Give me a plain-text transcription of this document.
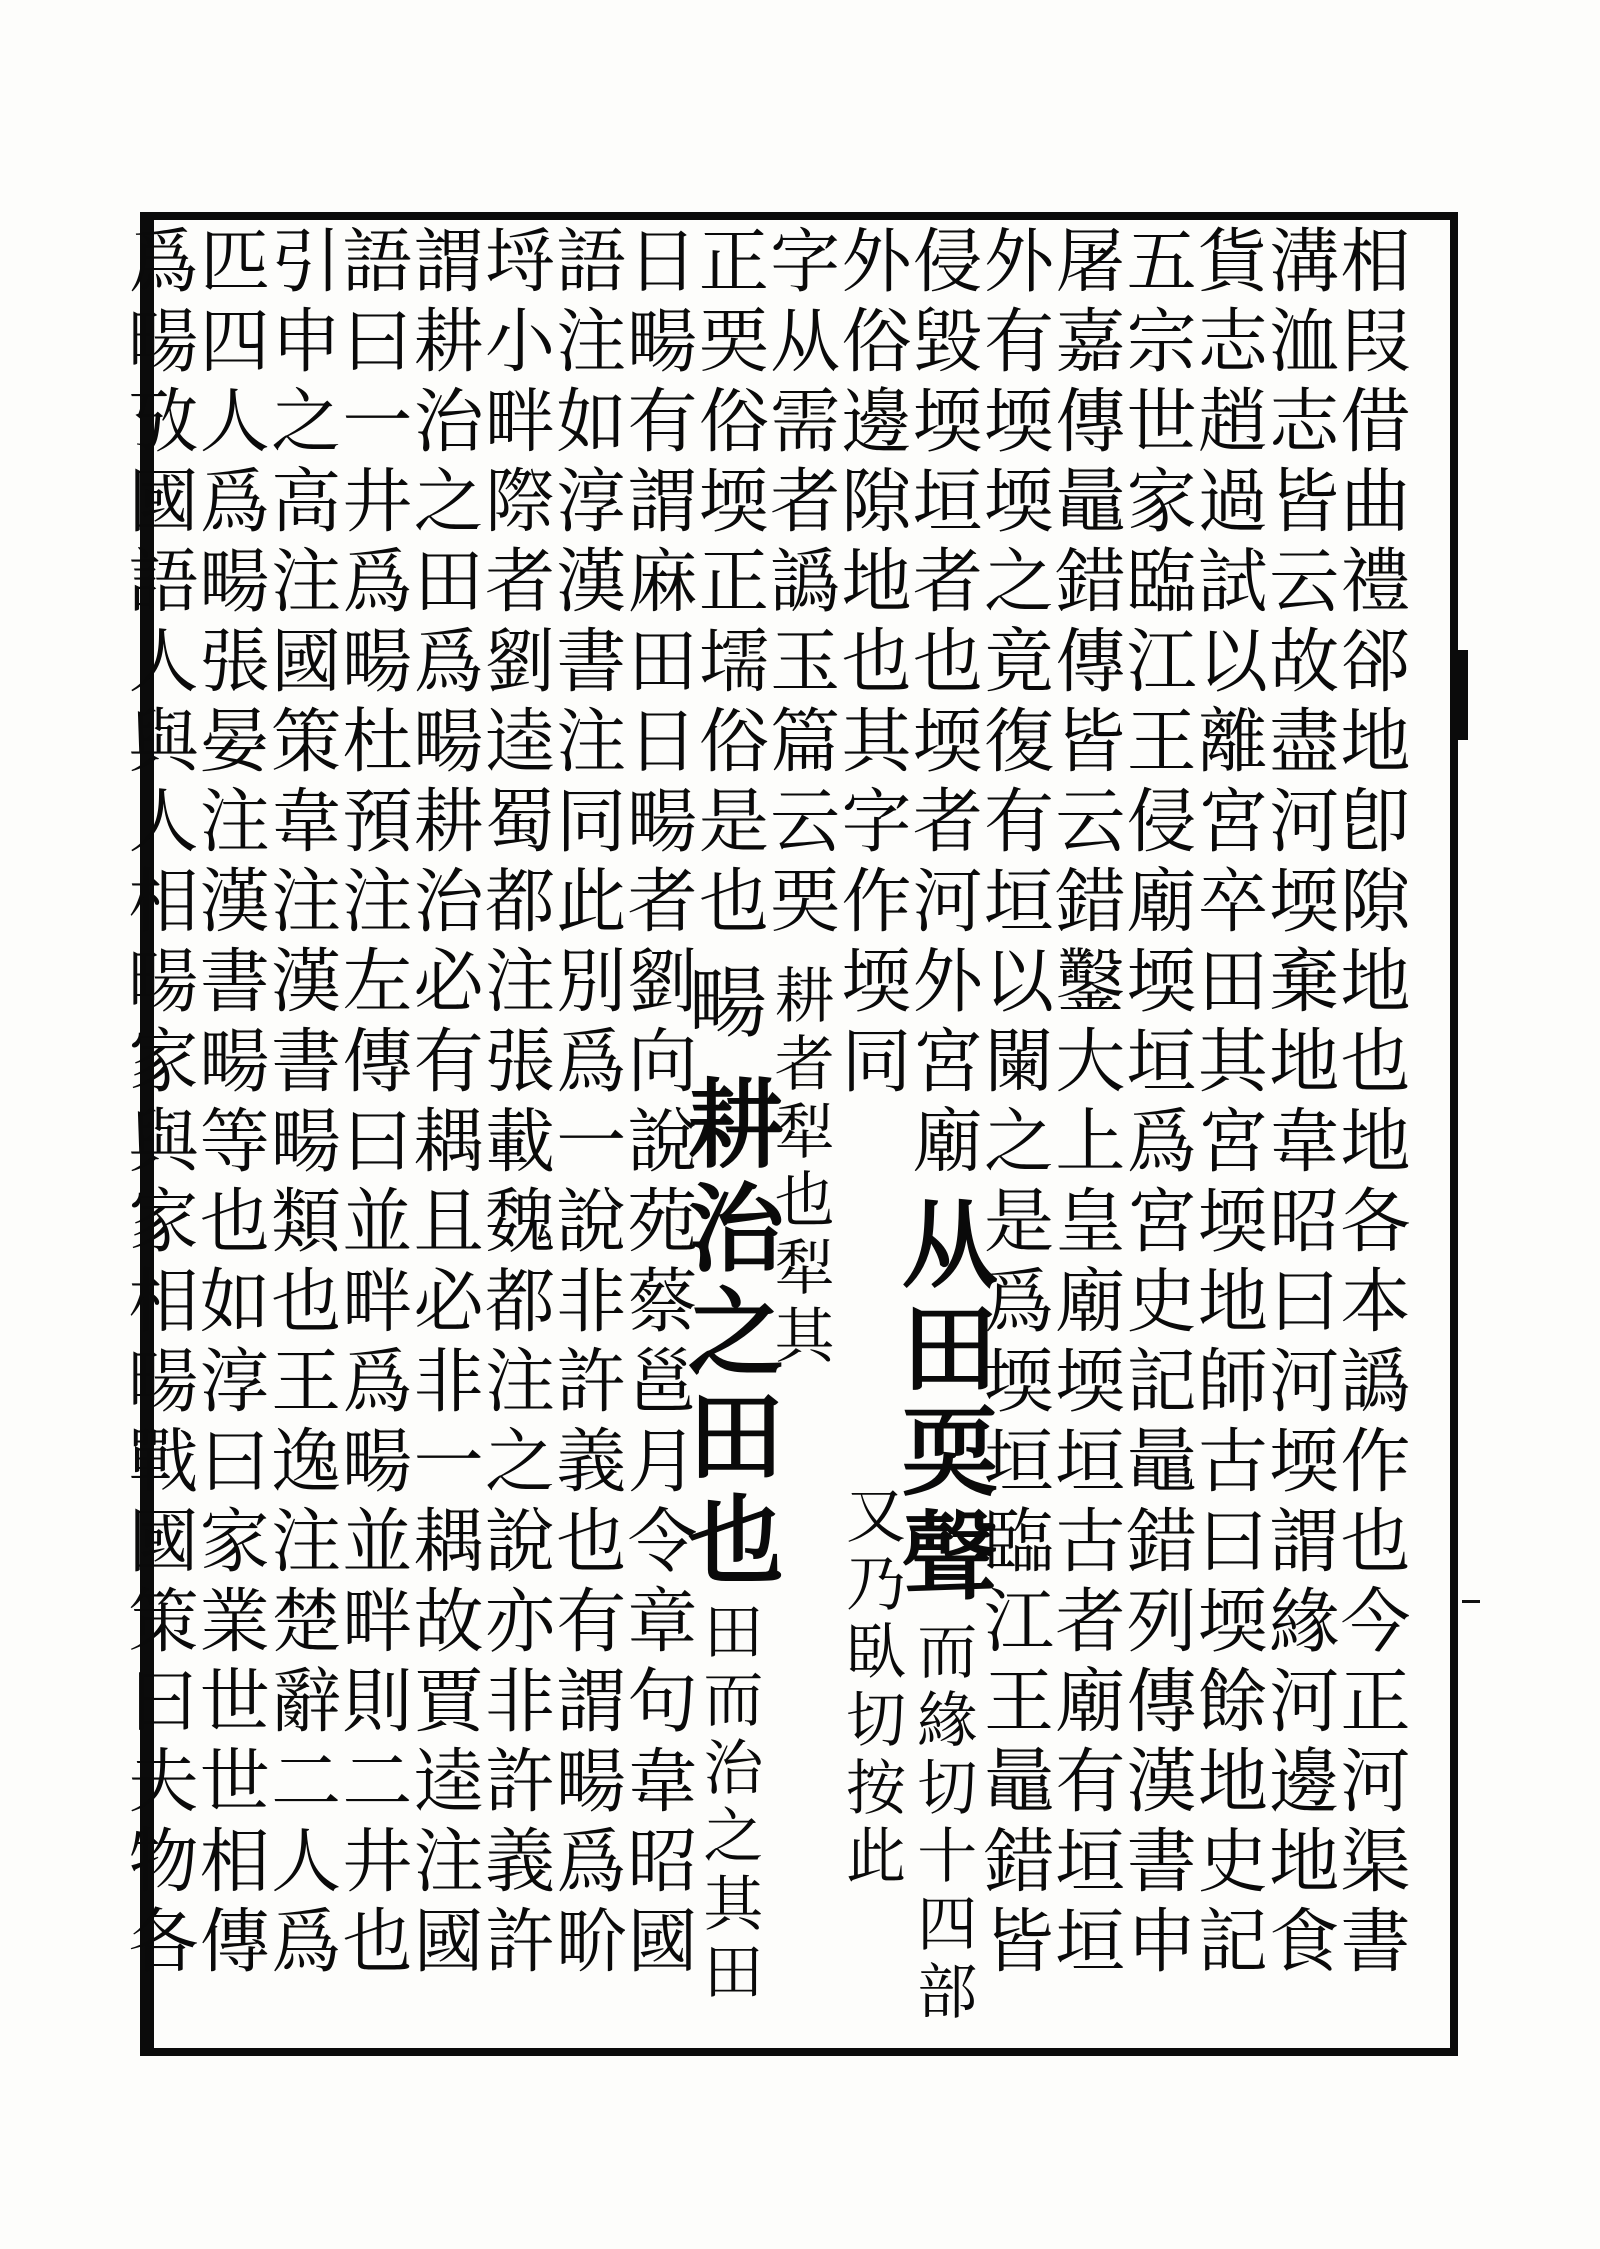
相叚借曲禮郤地卽隙地也地各本譌作也今正河渠書
溝洫志皆云故盡河堧棄地韋昭曰河堧謂緣河邊地食
貨志趙過試以離宮卒田其宮堧地師古曰堧餘地史記
五宗世家臨江王侵廟堧垣爲宮史記鼂錯列傳漢書申
屠嘉傳鼂錯傳皆云錯鑿大上皇廟堧垣古者廟有垣垣
外有堧堧之竟復有垣以闌之是爲堧垣臨江王鼂錯皆
侵毀堧垣者也堧者河外宮廟
从田耎聲
而緣切十四部
外俗邊隙地也其字作堧同
又乃臥切按此
字从需者譌玉篇云䙲
耕者犁也犁其
正䙲俗堧正壖俗是也
畼
耕治之田也
田而治之其田
日畼有謂麻田日畼者劉向說苑蔡邕月令章句韋昭國
語注如淳漢書注同此別爲一說非許義也有謂畼爲畍
埒小畔際者劉逵蜀都注張載魏都注之說亦非許義許
謂耕治之田爲畼耕治必有耦且必非一耦故賈逵注國
語曰一井爲畼杜預注左傳曰並畔爲畼並畔則二井也
引申之高注國策韋注漢書畼類也王逸注楚辭二人爲
匹四人爲畼張晏注漢書畼等也如淳曰家業世世相傳
爲畼攷國語人與人相畼家與家相畼戰國策曰夫物各
